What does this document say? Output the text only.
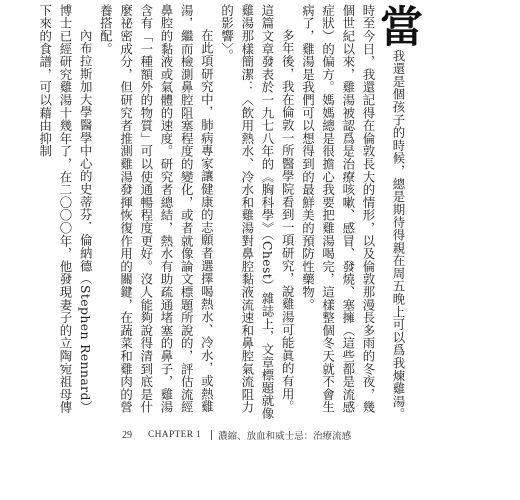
當我還是個孩子的時候，總是期待得親在周五晚上可以爲我煉雞湯。時至今日，我還記得在倫敦長大的情形，以及倫敦那漫長多雨的冬夜，幾個世紀以來，雞湯被認爲是治療咳嗽、感冒、發燒、塞擁（這些都是流感症狀）的偏方。媽媽總是很擔心我要把雞湯喝完，這樣整個冬天就不會生病了，雞湯是我們可以想得到的最鮮美的預防性藥物。

多年後，我在倫敦一所醫學院看到一項研究，說雞湯可能眞的有用。這篇文章發表於一九七八年的《胸科學》（Chest）雜誌上，文章標題就像雞湯那樣簡潔：〈飲用熱水、冷水和雞湯對鼻腔黏液流速和鼻腔氣流阻力的影響〉。

在此項研究中，肺病專家讓健康的志願者選擇喝熱水、冷水，或熱雞湯，繼而檢測鼻腔阻塞程度的變化，或者就像論文標題所說的，評估流經鼻腔的黏液或氣體的速度。研究者總結，熱水有助疏通堵塞的鼻子，雞湯含有「一種額外的物質」可以使通暢程度更好。沒人能夠說得清到底是什麼祕密成分，但研究者推測雞湯發揮恢復作用的關鍵，在蔬菜和雞肉的營養搭配。

內布拉斯加大學醫學中心的史蒂芬．倫納德（Stephen Rennard）博士已經研究雞湯十幾年了，在二〇〇〇年，他發現妻子的立陶宛祖母傳下來的食譜，可以藉由抑制

29 CHAPTER 1 濃縮、放血和威士忌：治療流感
